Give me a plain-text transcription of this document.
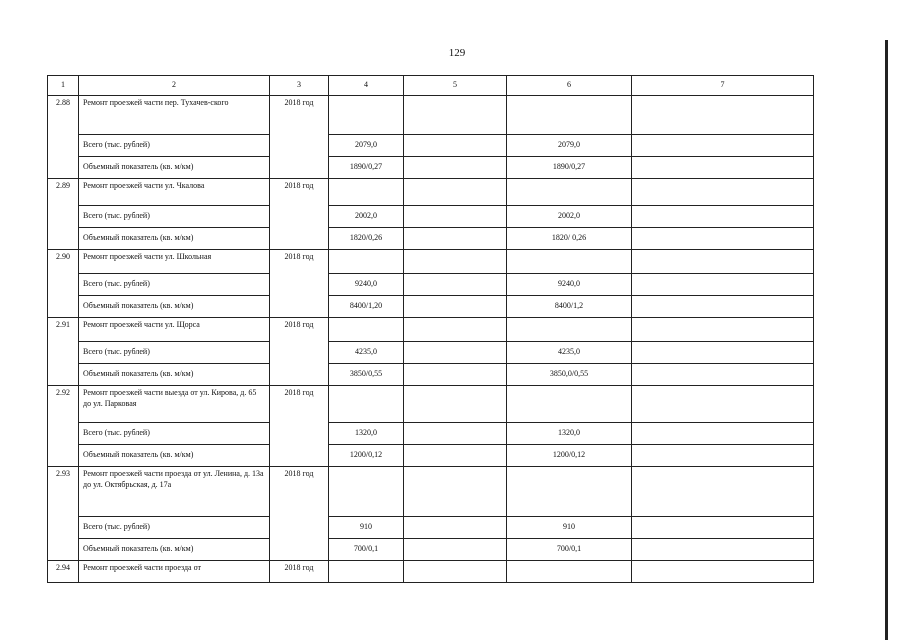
129
1	2	3	4	5	6	7
2.88	Ремонт проезжей части пер. Тухачев-ского	2018 год				
	Всего (тыс. рублей)		2079,0		2079,0	
	Объемный показатель (кв. м/км)		1890/0,27		1890/0,27	
2.89	Ремонт проезжей части ул. Чкалова	2018 год				
	Всего (тыс. рублей)		2002,0		2002,0	
	Объемный показатель (кв. м/км)		1820/0,26		1820/ 0,26	
2.90	Ремонт проезжей части ул. Школьная	2018 год				
	Всего (тыс. рублей)		9240,0		9240,0	
	Объемный показатель (кв. м/км)		8400/1,20		8400/1,2	
2.91	Ремонт проезжей части ул. Щорса	2018 год				
	Всего (тыс. рублей)		4235,0		4235,0	
	Объемный показатель (кв. м/км)		3850/0,55		3850,0/0,55	
2.92	Ремонт проезжей части выезда от ул. Кирова, д. 65 до ул. Парковая	2018 год				
	Всего (тыс. рублей)		1320,0		1320,0	
	Объемный показатель (кв. м/км)		1200/0,12		1200/0,12	
2.93	Ремонт проезжей части проезда от ул. Ленина, д. 13а до ул. Октябрьская, д. 17а	2018 год				
	Всего (тыс. рублей)		910		910	
	Объемный показатель (кв. м/км)		700/0,1		700/0,1	
2.94	Ремонт проезжей части проезда от	2018 год				
